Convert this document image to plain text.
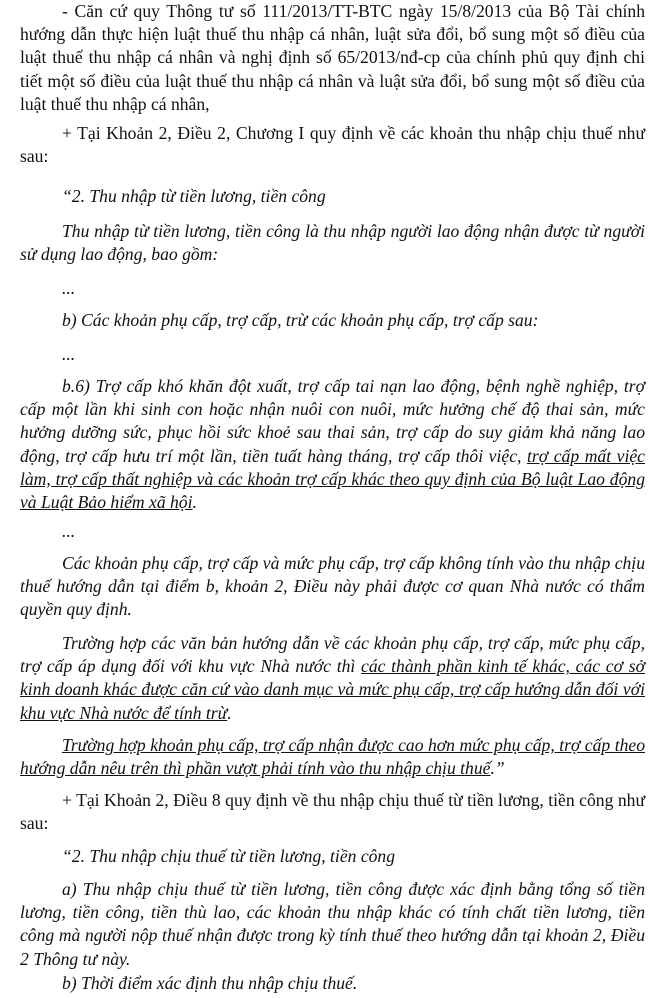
- Căn cứ quy Thông tư số 111/2013/TT-BTC ngày 15/8/2013 của Bộ Tài chính hướng dẫn thực hiện luật thuế thu nhập cá nhân, luật sửa đổi, bổ sung một số điều của luật thuế thu nhập cá nhân và nghị định số 65/2013/nđ-cp của chính phủ quy định chi tiết một số điều của luật thuế thu nhập cá nhân và luật sửa đổi, bổ sung một số điều của luật thuế thu nhập cá nhân,

+ Tại Khoản 2, Điều 2, Chương I quy định về các khoản thu nhập chịu thuế như sau:

“2. Thu nhập từ tiền lương, tiền công

Thu nhập từ tiền lương, tiền công là thu nhập người lao động nhận được từ người sử dụng lao động, bao gồm:

...

b) Các khoản phụ cấp, trợ cấp, trừ các khoản phụ cấp, trợ cấp sau:

...

b.6) Trợ cấp khó khăn đột xuất, trợ cấp tai nạn lao động, bệnh nghề nghiệp, trợ cấp một lần khi sinh con hoặc nhận nuôi con nuôi, mức hưởng chế độ thai sản, mức hưởng dưỡng sức, phục hồi sức khoẻ sau thai sản, trợ cấp do suy giảm khả năng lao động, trợ cấp hưu trí một lần, tiền tuất hàng tháng, trợ cấp thôi việc, trợ cấp mất việc làm, trợ cấp thất nghiệp và các khoản trợ cấp khác theo quy định của Bộ luật Lao động và Luật Bảo hiểm xã hội.

...

Các khoản phụ cấp, trợ cấp và mức phụ cấp, trợ cấp không tính vào thu nhập chịu thuế hướng dẫn tại điểm b, khoản 2, Điều này phải được cơ quan Nhà nước có thẩm quyền quy định.

Trường hợp các văn bản hướng dẫn về các khoản phụ cấp, trợ cấp, mức phụ cấp, trợ cấp áp dụng đối với khu vực Nhà nước thì các thành phần kinh tế khác, các cơ sở kinh doanh khác được căn cứ vào danh mục và mức phụ cấp, trợ cấp hướng dẫn đối với khu vực Nhà nước để tính trừ.

Trường hợp khoản phụ cấp, trợ cấp nhận được cao hơn mức phụ cấp, trợ cấp theo hướng dẫn nêu trên thì phần vượt phải tính vào thu nhập chịu thuế.”

+ Tại Khoản 2, Điều 8 quy định về thu nhập chịu thuế từ tiền lương, tiền công như sau:

“2. Thu nhập chịu thuế từ tiền lương, tiền công

a) Thu nhập chịu thuế từ tiền lương, tiền công được xác định bằng tổng số tiền lương, tiền công, tiền thù lao, các khoản thu nhập khác có tính chất tiền lương, tiền công mà người nộp thuế nhận được trong kỳ tính thuế theo hướng dẫn tại khoản 2, Điều 2 Thông tư này.

b) Thời điểm xác định thu nhập chịu thuế.
